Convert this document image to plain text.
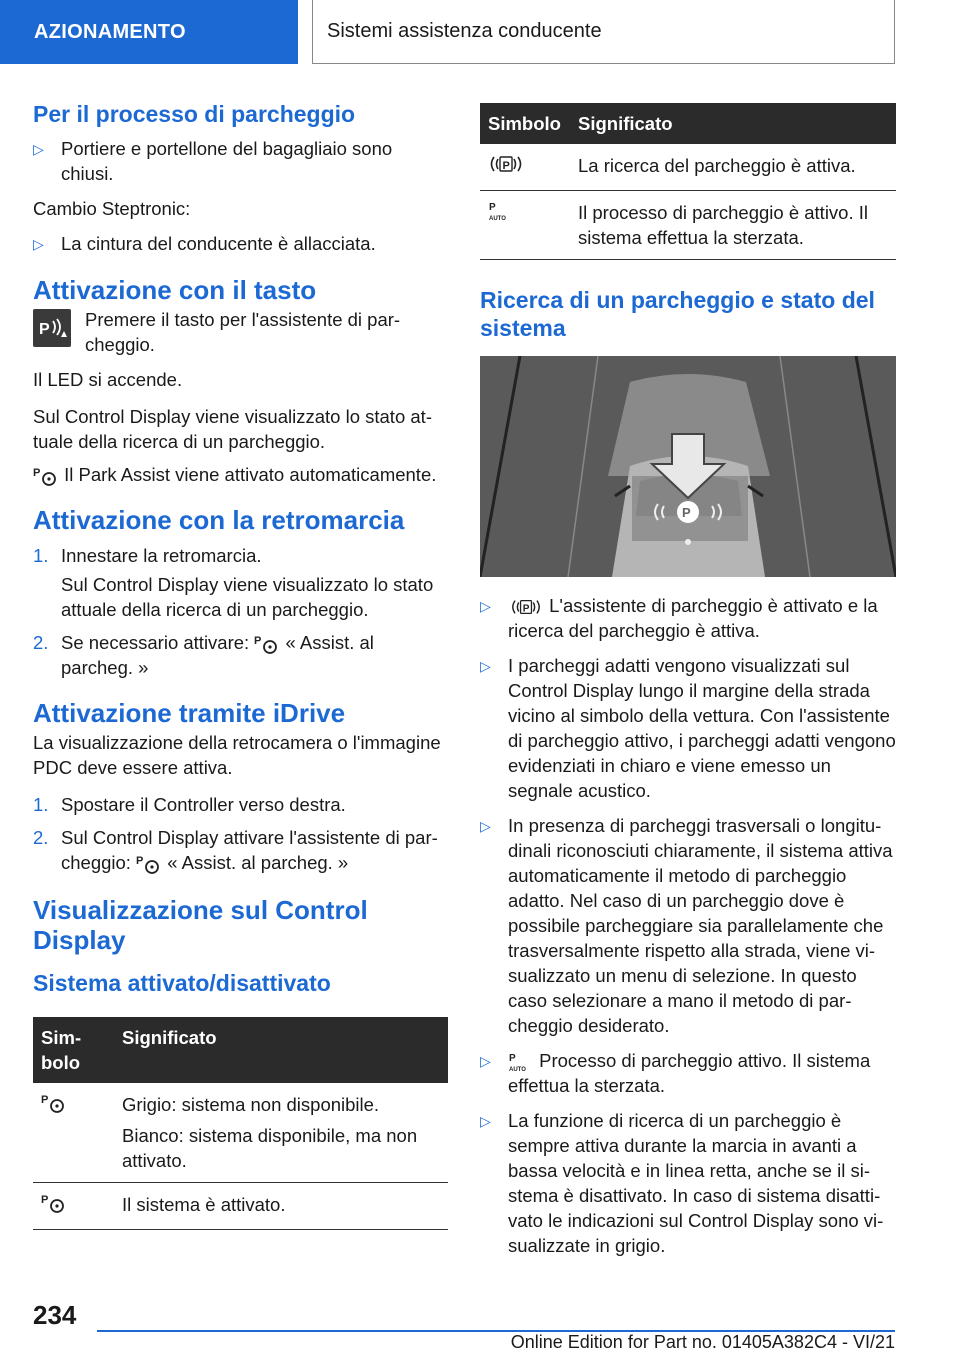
AZIONAMENTO	Sistemi assistenza conducente
Per il processo di parcheggio
▷ Portiere e portellone del bagagliaio sono chiusi.

Cambio Steptronic:

▷ La cintura del conducente è allacciata.
Attivazione con il tasto
P Premere il tasto per l'assistente di parcheggio.

Il LED si accende.

Sul Control Display viene visualizzato lo stato attuale della ricerca di un parcheggio.

P Il Park Assist viene attivato automaticamente.

Attivazione con la retromarcia
1. Innestare la retromarcia.

Sul Control Display viene visualizzato lo stato attuale della ricerca di un parcheggio.

2. Se necessario attivare: P « Assist. al parcheg. »
Attivazione tramite iDrive

La visualizzazione della retrocamera o l'immagine PDC deve essere attiva.

1. Spostare il Controller verso destra.
2. Sul Control Display attivare l'assistente di parcheggio: P « Assist. al parcheg. »
Visualizzazione sul Control Display
Sistema attivato/disattivato
Simbolo	Significato

P	Grigio: sistema non disponibile.

Bianco: sistema disponibile, ma non attivato.

P	Il sistema è attivato.
Simbolo	Significato

P	La ricerca del parcheggio è attiva.

P
AUTO	Il processo di parcheggio è attivo. Il sistema effettua la sterzata.
Ricerca di un parcheggio e stato del sistema
P
▷	P L'assistente di parcheggio è attivato e la ricerca del parcheggio è attiva.
▷ I parcheggi adatti vengono visualizzati sul Control Display lungo il margine della strada vicino al simbolo della vettura. Con l'assistente di parcheggio attivo, i parcheggi adatti vengono evidenziati in chiaro e viene emesso un segnale acustico.
▷ In presenza di parcheggi trasversali o longitudinali riconosciuti chiaramente, il sistema attiva automaticamente il metodo di parcheggio adatto. Nel caso di un parcheggio dove è possibile parcheggiare sia parallelamente che trasversalmente rispetto alla strada, viene visualizzato un menu di selezione. In questo caso selezionare a mano il metodo di parcheggio desiderato.
▷	P
AUTO Processo di parcheggio attivo. Il sistema effettua la sterzata.
▷ La funzione di ricerca di un parcheggio è sempre attiva durante la marcia in avanti a bassa velocità e in linea retta, anche se il sistema è disattivato. In caso di sistema disattivato le indicazioni sul Control Display sono visualizzate in grigio.
234
Online Edition for Part no. 01405A382C4 - VI/21
